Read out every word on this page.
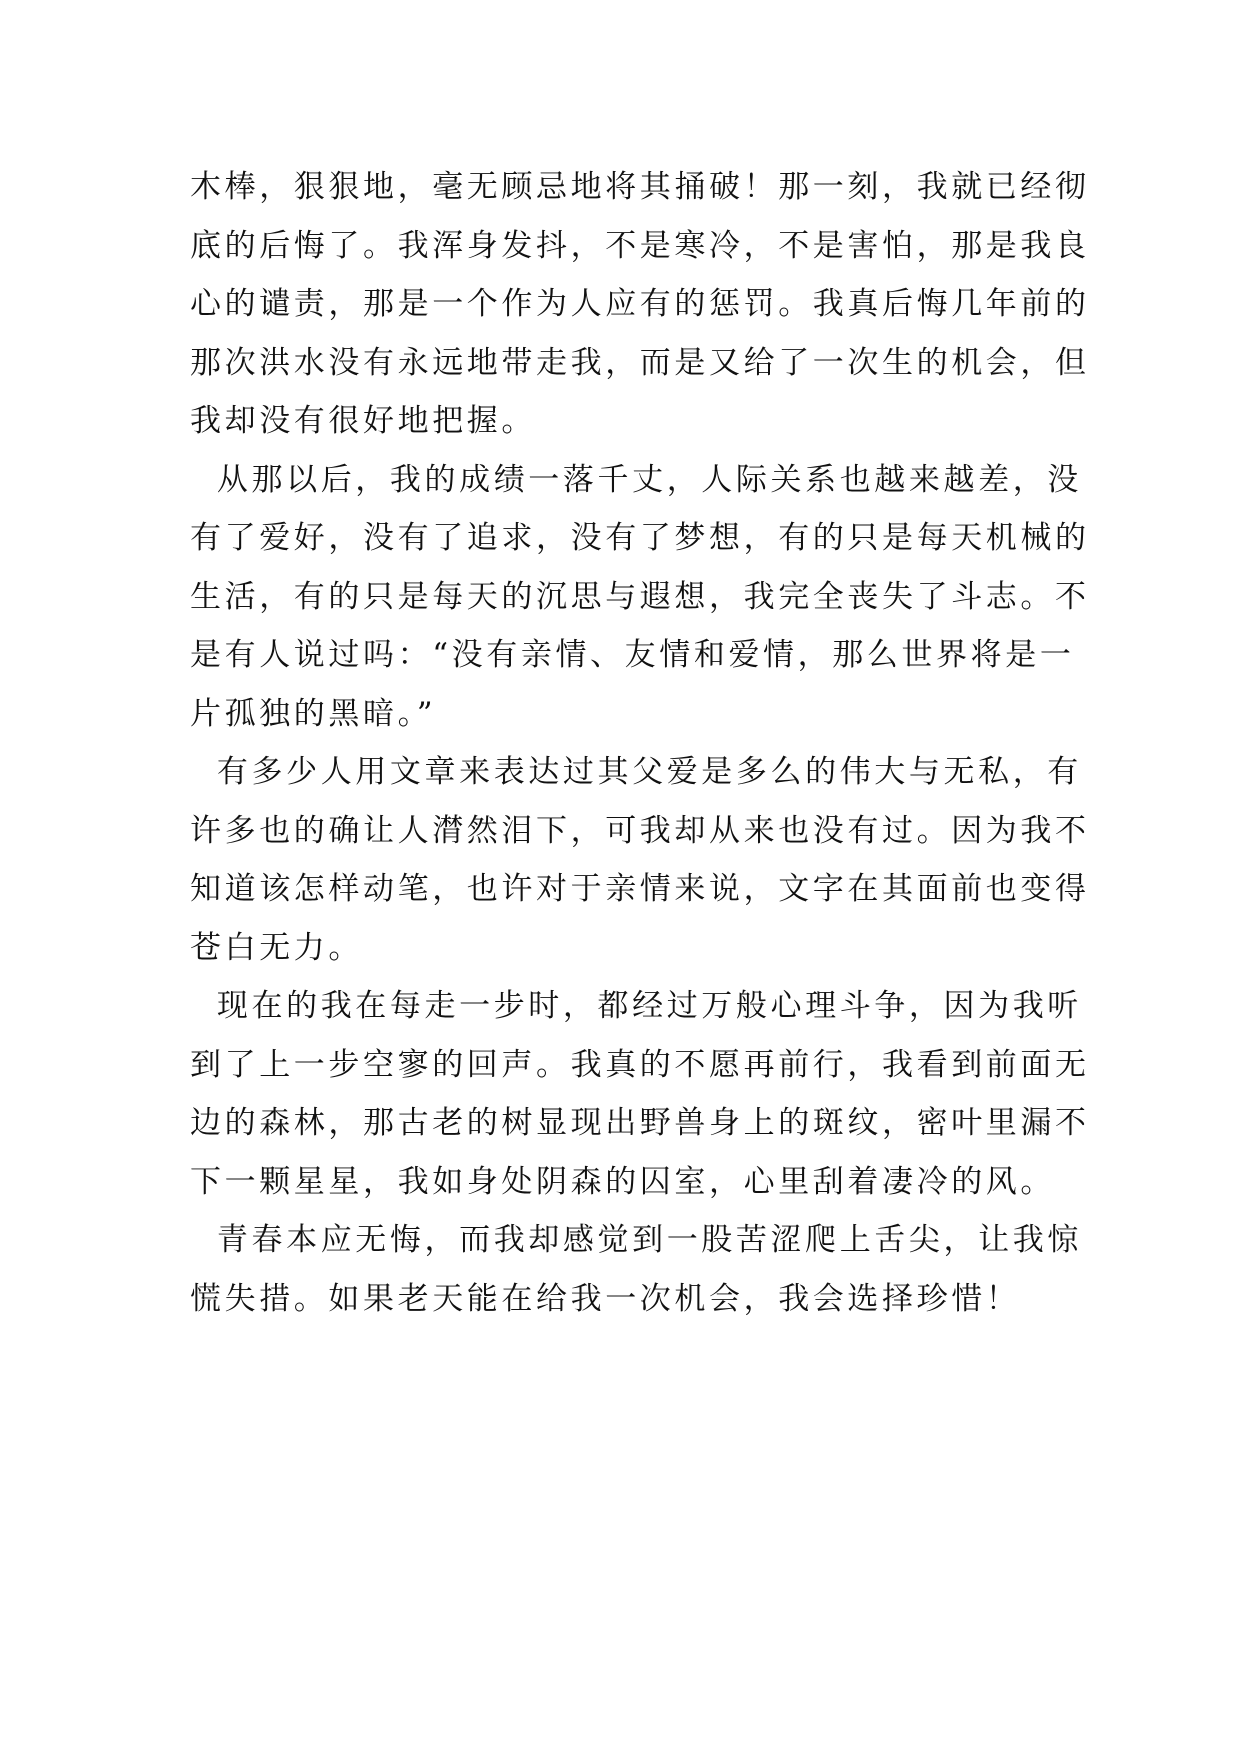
木棒，狠狠地，毫无顾忌地将其捅破！那一刻，我就已经彻
底的后悔了。我浑身发抖，不是寒冷，不是害怕，那是我良
心的谴责，那是一个作为人应有的惩罚。我真后悔几年前的
那次洪水没有永远地带走我，而是又给了一次生的机会，但
我却没有很好地把握。
从那以后，我的成绩一落千丈，人际关系也越来越差，没
有了爱好，没有了追求，没有了梦想，有的只是每天机械的
生活，有的只是每天的沉思与遐想，我完全丧失了斗志。不
是有人说过吗：“没有亲情、友情和爱情，那么世界将是一
片孤独的黑暗。”
有多少人用文章来表达过其父爱是多么的伟大与无私，有
许多也的确让人潸然泪下，可我却从来也没有过。因为我不
知道该怎样动笔，也许对于亲情来说，文字在其面前也变得
苍白无力。
现在的我在每走一步时，都经过万般心理斗争，因为我听
到了上一步空寥的回声。我真的不愿再前行，我看到前面无
边的森林，那古老的树显现出野兽身上的斑纹，密叶里漏不
下一颗星星，我如身处阴森的囚室，心里刮着凄冷的风。
青春本应无悔，而我却感觉到一股苦涩爬上舌尖，让我惊
慌失措。如果老天能在给我一次机会，我会选择珍惜！
